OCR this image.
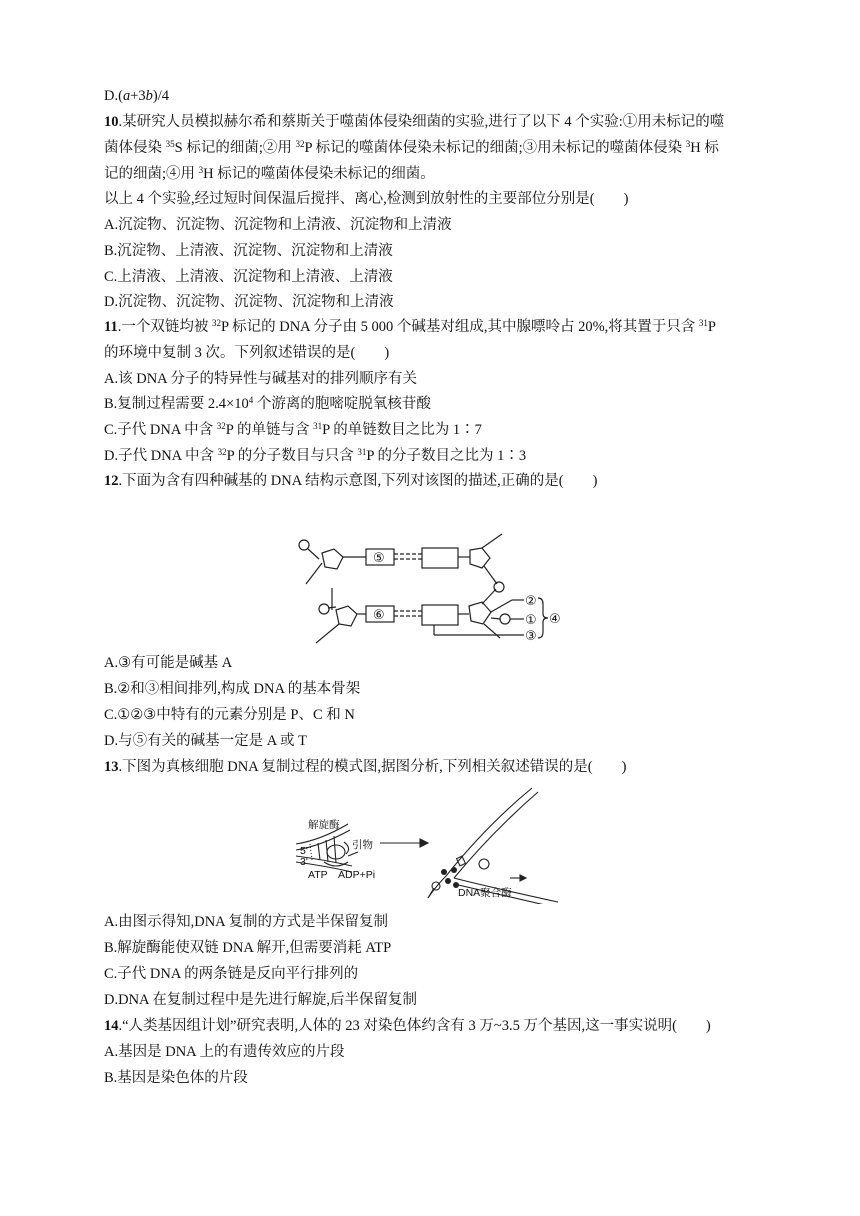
D.(a+3b)/4
10.某研究人员模拟赫尔希和蔡斯关于噬菌体侵染细菌的实验,进行了以下 4 个实验:①用未标记的噬
菌体侵染 $^{35}$S 标记的细菌;②用 $^{32}$P 标记的噬菌体侵染未标记的细菌;③用未标记的噬菌体侵染 $^3$H 标
记的细菌;④用 $^3$H 标记的噬菌体侵染未标记的细菌。
以上 4 个实验,经过短时间保温后搅拌、离心,检测到放射性的主要部位分别是(　　)
A.沉淀物、沉淀物、沉淀物和上清液、沉淀物和上清液
B.沉淀物、上清液、沉淀物、沉淀物和上清液
C.上清液、上清液、沉淀物和上清液、上清液
D.沉淀物、沉淀物、沉淀物、沉淀物和上清液
11.一个双链均被 $^{32}$P 标记的 DNA 分子由 5 000 个碱基对组成,其中腺嘌呤占 20%,将其置于只含 $^{31}$P
的环境中复制 3 次。下列叙述错误的是(　　)
A.该 DNA 分子的特异性与碱基对的排列顺序有关
B.复制过程需要 $2.4\times 10^4$ 个游离的胞嘧啶脱氧核苷酸
C.子代 DNA 中含 $^{32}$P 的单链与含 $^{31}$P 的单链数目之比为 1∶7
D.子代 DNA 中含 $^{32}$P 的分子数目与只含 $^{31}$P 的分子数目之比为 1∶3
12.下面为含有四种碱基的 DNA 结构示意图,下列对该图的描述,正确的是(　　)
⑤
⑥
②
①
③
④
A.③有可能是碱基 A
B.②和③相间排列,构成 DNA 的基本骨架
C.①②③中特有的元素分别是 P、C 和 N
D.与⑤有关的碱基一定是 A 或 T
13.下图为真核细胞 DNA 复制过程的模式图,据图分析,下列相关叙述错误的是(　　)
解旋酶
引物
5'
3'
ATP ADP+Pi
DNA聚合酶
A.由图示得知,DNA 复制的方式是半保留复制
B.解旋酶能使双链 DNA 解开,但需要消耗 ATP
C.子代 DNA 的两条链是反向平行排列的
D.DNA 在复制过程中是先进行解旋,后半保留复制
14.“人类基因组计划”研究表明,人体的 23 对染色体约含有 3 万~3.5 万个基因,这一事实说明(　　)
A.基因是 DNA 上的有遗传效应的片段
B.基因是染色体的片段
